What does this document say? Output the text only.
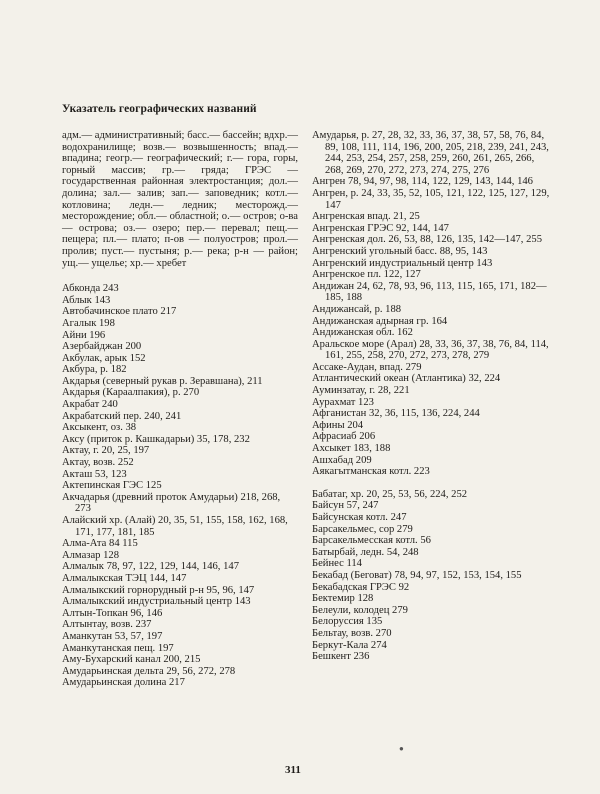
Указатель географических названий

адм.— административный; басс.— бассейн; вдхр.— водохранилище; возв.— возвышенность; впад.— впадина; геогр.— географический; г.— гора, горы, горный массив; гр.— гряда; ГРЭС — государственная районная электростанция; дол.— долина; зал.— залив; зап.— заповедник; котл.— котловина; ледн.— ледник; месторожд.— месторождение; обл.— областной; о.— остров; о-ва — острова; оз.— озеро; пер.— перевал; пещ.— пещера; пл.— плато; п-ов — полуостров; прол.— пролив; пуст.— пустыня; р.— река; р-н — район; ущ.— ущелье; хр.— хребет

Абконда 243

Аблык 143

Автобачинское плато 217

Агалык 198

Айни 196

Азербайджан 200

Акбулак, арык 152

Акбура, р. 182

Акдарья (северный рукав р. Зеравшана), 211

Акдарья (Караалпакия), р. 270

Акрабат 240

Акрабатский пер. 240, 241

Аксыкент, оз. 38

Аксу (приток р. Кашкадарьи) 35, 178, 232

Актау, г. 20, 25, 197

Актау, возв. 252

Акташ 53, 123

Актепинская ГЭС 125

Акчадарья (древний проток Амударьи) 218, 268, 273

Алайский хр. (Алай) 20, 35, 51, 155, 158, 162, 168, 171, 177, 181, 185

Алма-Ата 84 115

Алмазар 128

Алмалык 78, 97, 122, 129, 144, 146, 147

Алмалыкская ТЭЦ 144, 147

Алмалыкский горнорудный р-н 95, 96, 147

Алмалыкский индустриальный центр 143

Алтын-Топкан 96, 146

Алтынтау, возв. 237

Аманкутан 53, 57, 197

Аманкутанская пещ. 197

Аму-Бухарский канал 200, 215

Амударьинская дельта 29, 56, 272, 278

Амударьинская долина 217

Амударья, р. 27, 28, 32, 33, 36, 37, 38, 57, 58, 76, 84, 89, 108, 111, 114, 196, 200, 205, 218, 239, 241, 243, 244, 253, 254, 257, 258, 259, 260, 261, 265, 266, 268, 269, 270, 272, 273, 274, 275, 276

Ангрен 78, 94, 97, 98, 114, 122, 129, 143, 144, 146

Ангрен, р. 24, 33, 35, 52, 105, 121, 122, 125, 127, 129, 147

Ангренская впад. 21, 25

Ангренская ГРЭС 92, 144, 147

Ангренская дол. 26, 53, 88, 126, 135, 142—147, 255

Ангренский угольный басс. 88, 95, 143

Ангренский индустриальный центр 143

Ангренское пл. 122, 127

Андижан 24, 62, 78, 93, 96, 113, 115, 165, 171, 182—185, 188

Андижансай, р. 188

Андижанская адырная гр. 164

Андижанская обл. 162

Аральское море (Арал) 28, 33, 36, 37, 38, 76, 84, 114, 161, 255, 258, 270, 272, 273, 278, 279

Ассаке-Аудан, впад. 279

Атлантический океан (Атлантика) 32, 224

Ауминзатау, г. 28, 221

Аурахмат 123

Афганистан 32, 36, 115, 136, 224, 244

Афины 204

Афрасиаб 206

Ахсыкет 183, 188

Ашхабад 209

Аякагытманская котл. 223

Бабатаг, хр. 20, 25, 53, 56, 224, 252

Байсун 57, 247

Байсунская котл. 247

Барсакельмес, сор 279

Барсакельмесская котл. 56

Батырбай, ледн. 54, 248

Бейнес 114

Бекабад (Беговат) 78, 94, 97, 152, 153, 154, 155

Бекабадская ГРЭС 92

Бектемир 128

Белеули, колодец 279

Белоруссия 135

Бельтау, возв. 270

Беркут-Кала 274

Бешкент 236

●
311
